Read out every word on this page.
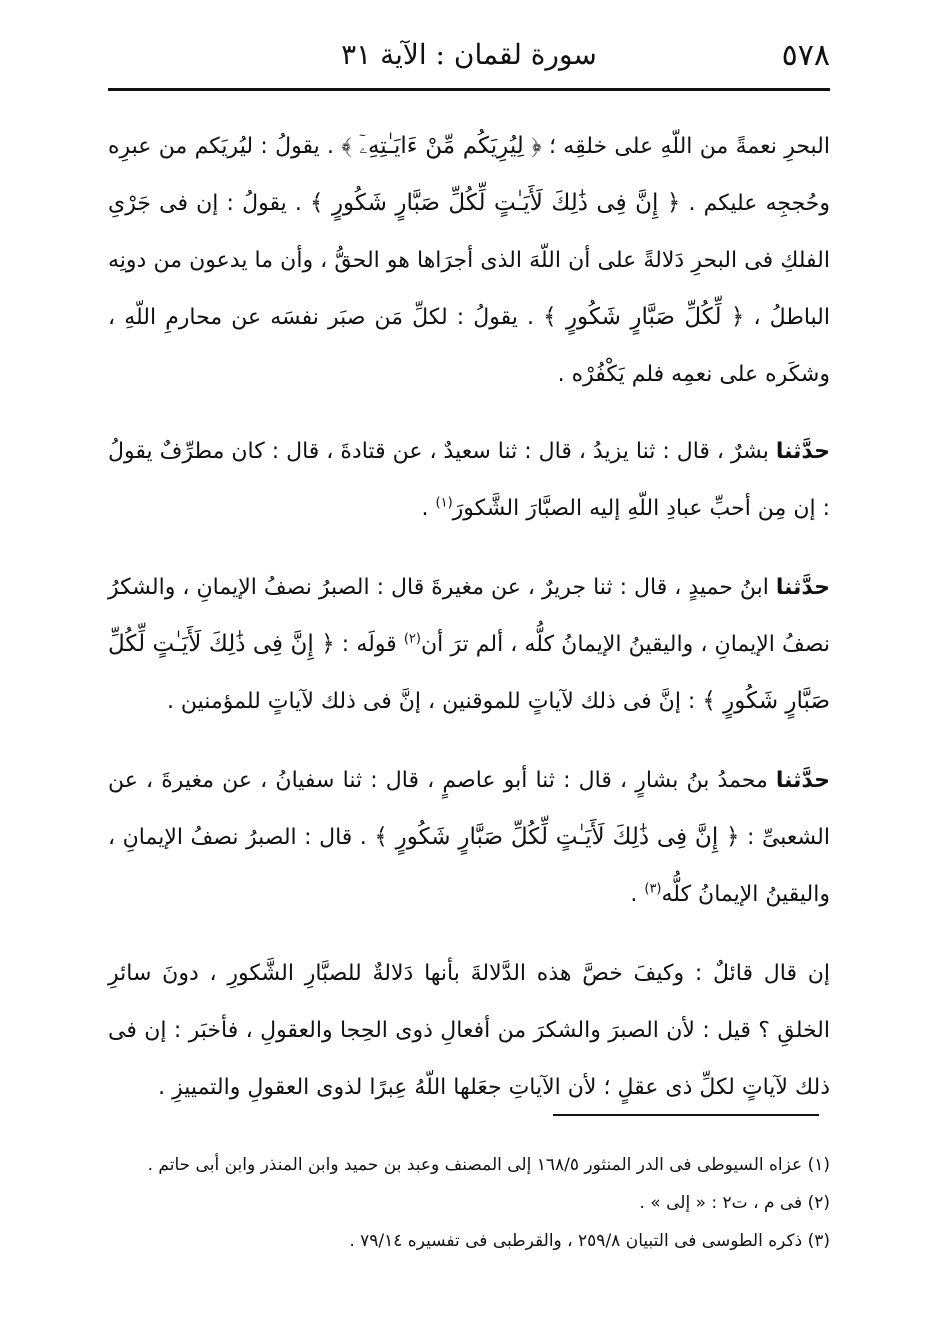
٥٧٨
سورة لقمان : الآية ٣١

البحرِ نعمةً من اللّهِ على خلقِه ؛ ﴿ لِيُرِيَكُم مِّنْ ءَايَـٰتِهِۦٓ ﴾ . يقولُ : ليُريَكم من عبرِه وحُججِه عليكم . ﴿ إِنَّ فِى ذَٰلِكَ لَأَيَـٰتٍ لِّكُلِّ صَبَّارٍ شَكُورٍ ﴾ . يقولُ : إن فى جَرْىِ الفلكِ فى البحرِ دَلالةً على أن اللّهَ الذى أجرَاها هو الحقُّ ، وأن ما يدعون من دونِه الباطلُ ، ﴿ لِّكُلِّ صَبَّارٍ شَكُورٍ ﴾ . يقولُ : لكلِّ مَن صبَر نفسَه عن محارمِ اللّهِ ، وشكَره على نعمِه فلم يَكْفُرْه .

حدَّثنا بشرٌ ، قال : ثنا يزيدُ ، قال : ثنا سعيدٌ ، عن قتادةَ ، قال : كان مطرِّفٌ يقولُ : إن مِن أحبِّ عبادِ اللّهِ إليه الصبَّارَ الشَّكورَ$^{(١)}$ .

حدَّثنا ابنُ حميدٍ ، قال : ثنا جريرٌ ، عن مغيرةَ قال : الصبرُ نصفُ الإيمانِ ، والشكرُ نصفُ الإيمانِ ، واليقينُ الإيمانُ كلُّه ، ألم ترَ أن$^{(٢)}$ قولَه : ﴿ إِنَّ فِى ذَٰلِكَ لَأَيَـٰتٍ لِّكُلِّ صَبَّارٍ شَكُورٍ ﴾ : إنَّ فى ذلك لآياتٍ للموقنين ، إنَّ فى ذلك لآياتٍ للمؤمنين .

حدَّثنا محمدُ بنُ بشارٍ ، قال : ثنا أبو عاصمٍ ، قال : ثنا سفيانُ ، عن مغيرةَ ، عن الشعبىِّ : ﴿ إِنَّ فِى ذَٰلِكَ لَأَيَـٰتٍ لِّكُلِّ صَبَّارٍ شَكُورٍ ﴾ . قال : الصبرُ نصفُ الإيمانِ ، واليقينُ الإيمانُ كلُّه$^{(٣)}$ .

إن قال قائلٌ : وكيفَ خصَّ هذه الدَّلالةَ بأنها دَلالةٌ للصبَّارِ الشَّكورِ ، دونَ سائرِ الخلقِ ؟ قيل : لأن الصبرَ والشكرَ من أفعالِ ذوى الحِجا والعقولِ ، فأخبَر : إن فى ذلك لآياتٍ لكلِّ ذى عقلٍ ؛ لأن الآياتِ جعَلها اللّهُ عِبرًا لذوى العقولِ والتمييزِ .

(١) عزاه السيوطى فى الدر المنثور ١٦٨/٥ إلى المصنف وعبد بن حميد وابن المنذر وابن أبى حاتم .

(٢) فى م ، ت٢ : « إلى » .

(٣) ذكره الطوسى فى التبيان ٢٥٩/٨ ، والقرطبى فى تفسيره ٧٩/١٤ .
